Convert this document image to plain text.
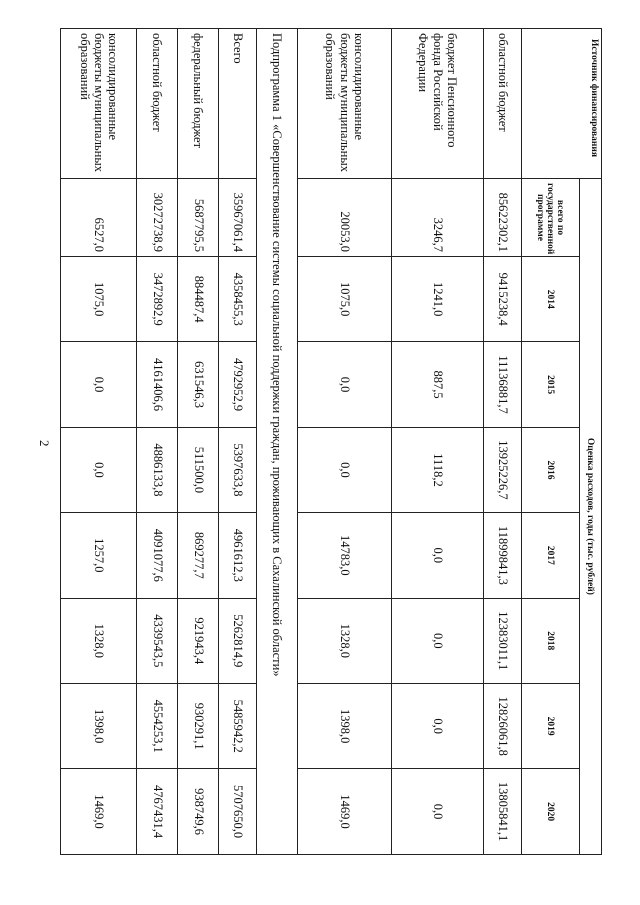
2
Источник финансирования	Оценка расходов, годы (тыс. рублей)							
	всего по государственной программе	2014	2015	2016	2017	2018	2019	2020
областной бюджет	85622302,1	9415238,4	11136881,7	13925226,7	11899841,3	12383011,1	12826061,8	13805841,1
бюджет Пенсионного фонда Российской Федерации	3246,7	1241,0	887,5	1118,2	0,0	0,0	0,0	0,0
консолидированные бюджеты муниципальных образований	20053,0	1075,0	0,0	0,0	14783,0	1328,0	1398,0	1469,0
Подпрограмма 1 «Совершенствование системы социальной поддержки граждан, проживающих в Сахалинской области»								
Всего	35967061,4	4358455,3	4792952,9	5397633,8	4961612,3	5262814,9	5485942,2	5707650,0
федеральный бюджет	5687795,5	884487,4	631546,3	511500,0	869277,7	921943,4	930291,1	938749,6
областной бюджет	30272738,9	3472892,9	4161406,6	4886133,8	4091077,6	4339543,5	4554253,1	4767431,4
консолидированные бюджеты муниципальных образований	6527,0	1075,0	0,0	0,0	1257,0	1328,0	1398,0	1469,0
